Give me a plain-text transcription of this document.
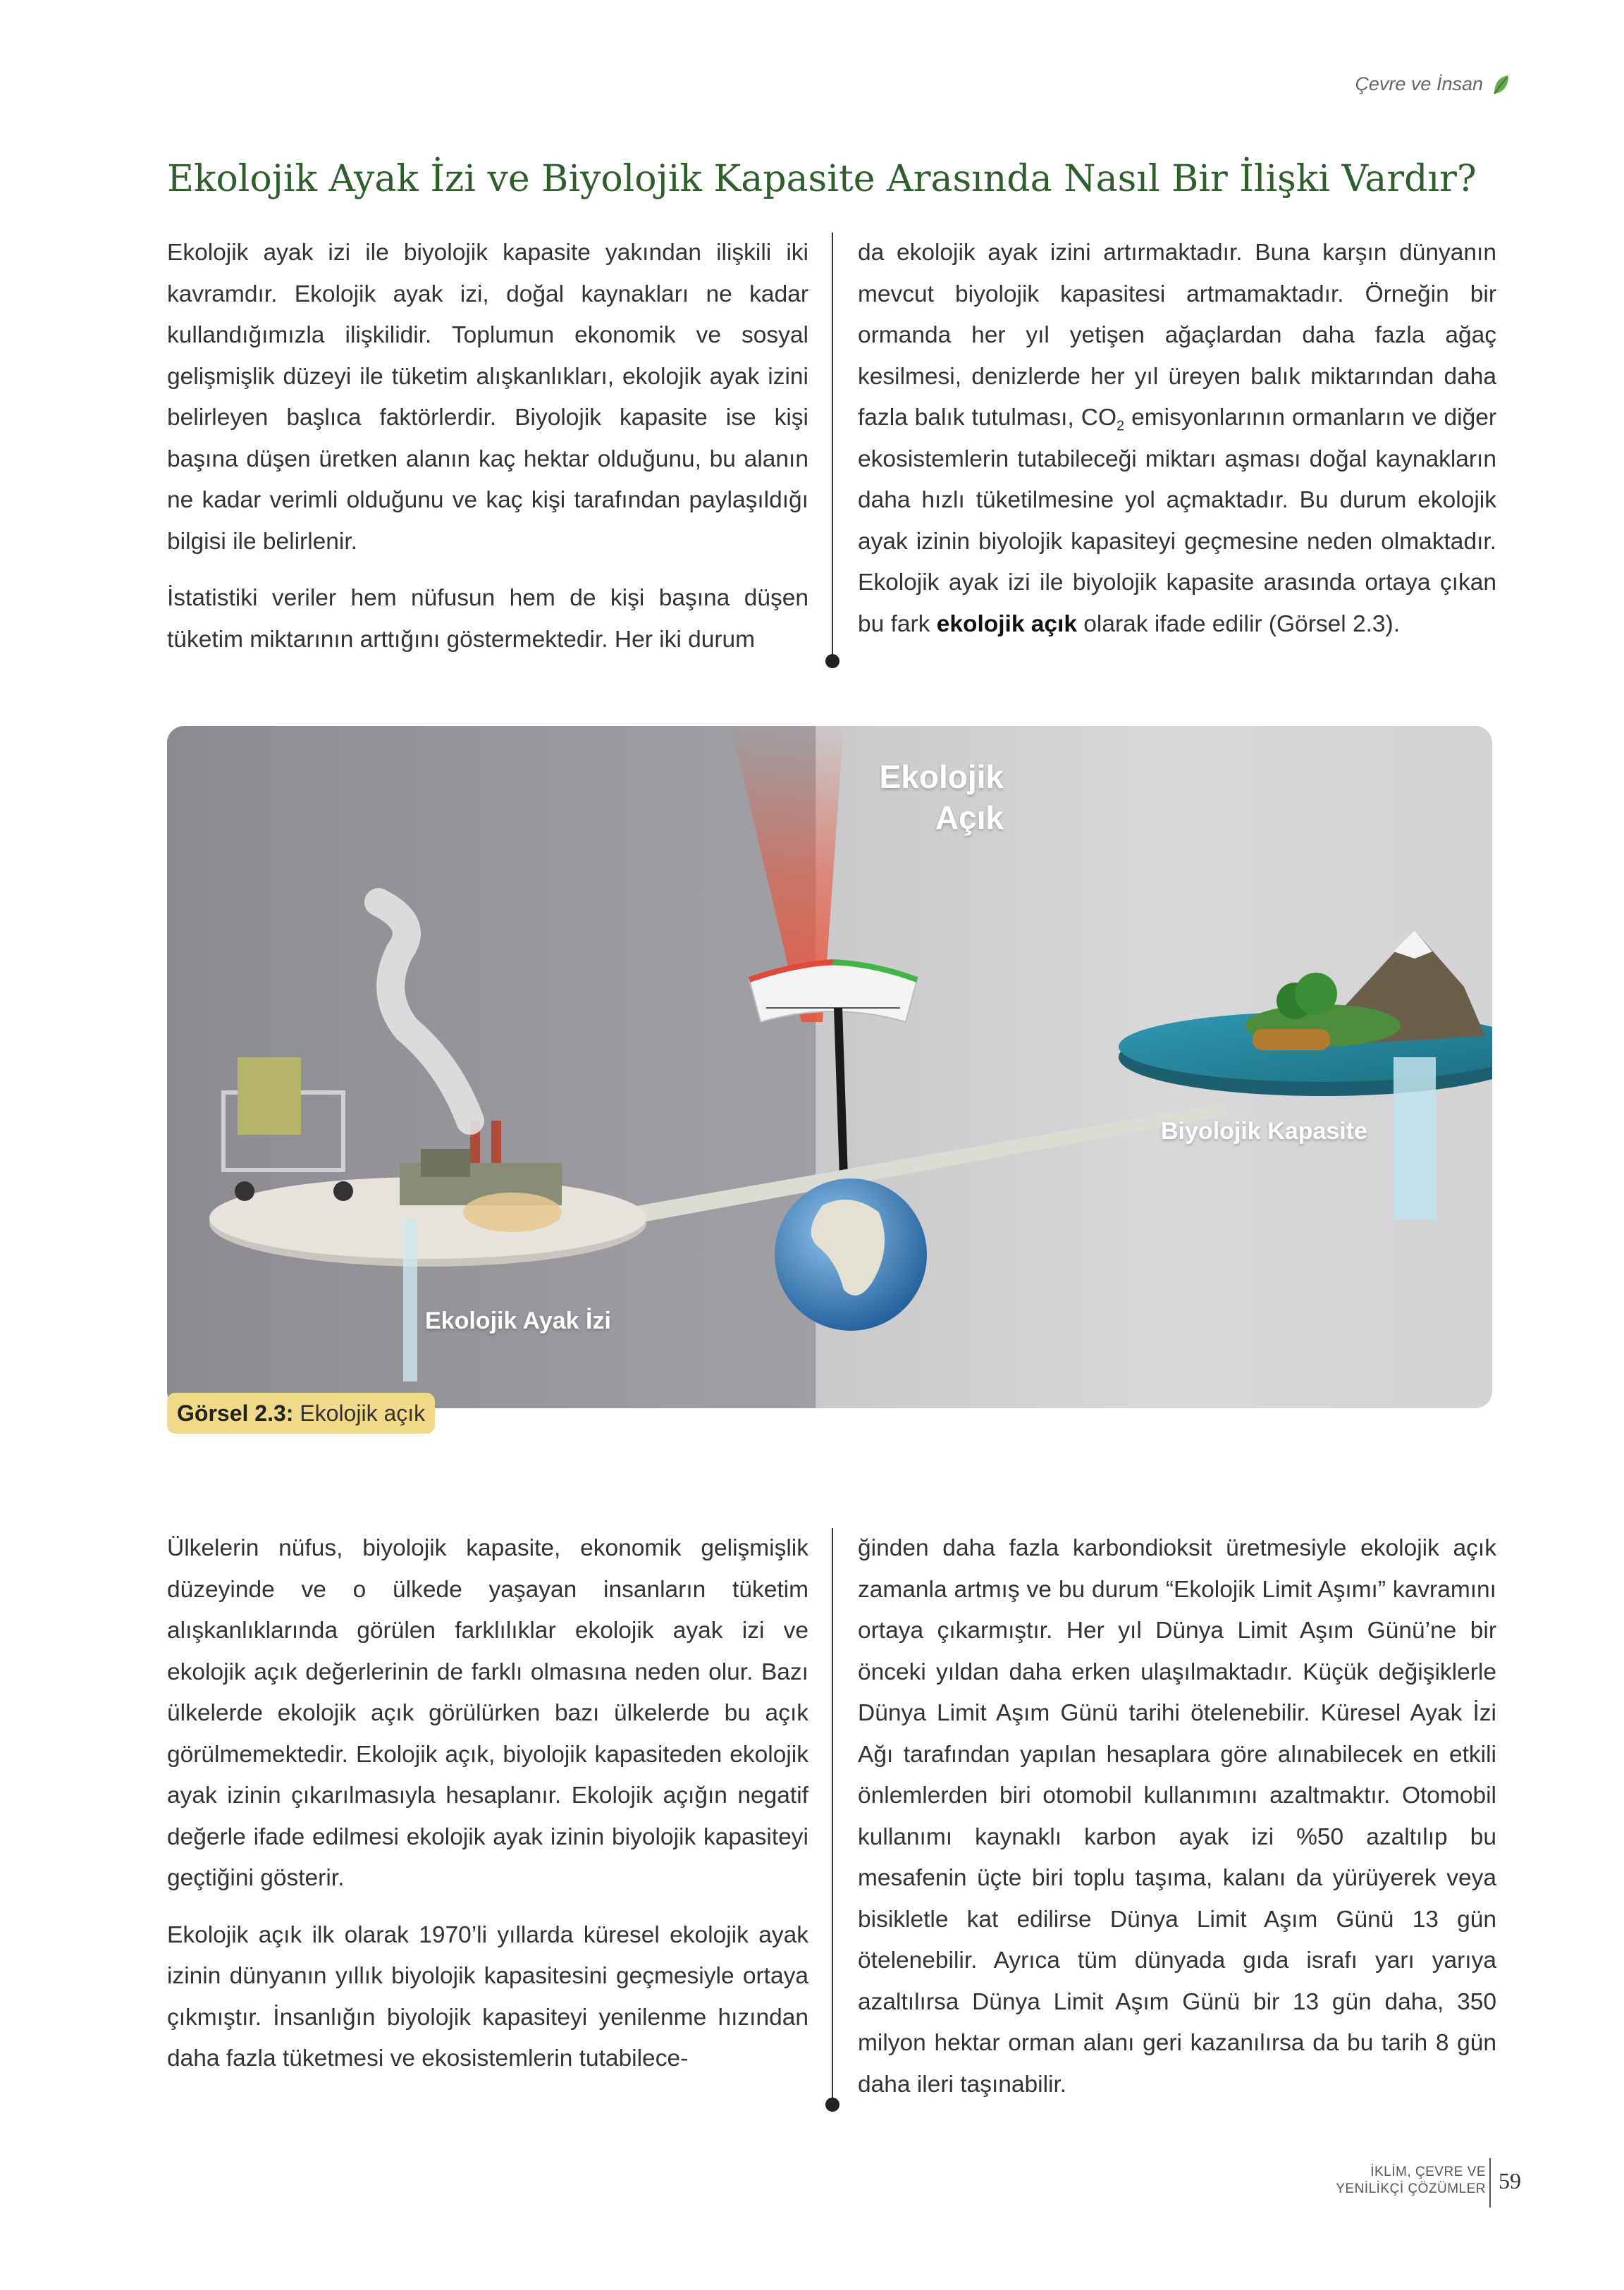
Çevre ve İnsan
Ekolojik Ayak İzi ve Biyolojik Kapasite Arasında Nasıl Bir İlişki Vardır?

Ekolojik ayak izi ile biyolojik kapasite yakından ilişkili iki kavramdır. Ekolojik ayak izi, doğal kaynakları ne kadar kullandığımızla ilişkilidir. Toplumun ekonomik ve sosyal gelişmişlik düzeyi ile tüketim alışkanlıkları, ekolojik ayak izini belirleyen başlıca faktörlerdir. Biyolojik kapasite ise kişi başına düşen üretken alanın kaç hektar olduğunu, bu alanın ne kadar verimli olduğunu ve kaç kişi tarafından paylaşıldığı bilgisi ile belirlenir.

İstatistiki veriler hem nüfusun hem de kişi başına düşen tüketim miktarının arttığını göstermektedir. Her iki durum

da ekolojik ayak izini artırmaktadır. Buna karşın dünyanın mevcut biyolojik kapasitesi artmamaktadır. Örneğin bir ormanda her yıl yetişen ağaçlardan daha fazla ağaç kesilmesi, denizlerde her yıl üreyen balık miktarından daha fazla balık tutulması, $CO_2$ emisyonlarının ormanların ve diğer ekosistemlerin tutabileceği miktarı aşması doğal kaynakların daha hızlı tüketilmesine yol açmaktadır. Bu durum ekolojik ayak izinin biyolojik kapasiteyi geçmesine neden olmaktadır. Ekolojik ayak izi ile biyolojik kapasite arasında ortaya çıkan bu fark ekolojik açık olarak ifade edilir (Görsel 2.3).

Ekolojik
Açık
Biyolojik Kapasite
Ekolojik Ayak İzi
Görsel 2.3: Ekolojik açık

Ülkelerin nüfus, biyolojik kapasite, ekonomik gelişmişlik düzeyinde ve o ülkede yaşayan insanların tüketim alışkanlıklarında görülen farklılıklar ekolojik ayak izi ve ekolojik açık değerlerinin de farklı olmasına neden olur. Bazı ülkelerde ekolojik açık görülürken bazı ülkelerde bu açık görülmemektedir. Ekolojik açık, biyolojik kapasiteden ekolojik ayak izinin çıkarılmasıyla hesaplanır. Ekolojik açığın negatif değerle ifade edilmesi ekolojik ayak izinin biyolojik kapasiteyi geçtiğini gösterir.

Ekolojik açık ilk olarak 1970’li yıllarda küresel ekolojik ayak izinin dünyanın yıllık biyolojik kapasitesini geçmesiyle ortaya çıkmıştır. İnsanlığın biyolojik kapasiteyi yenilenme hızından daha fazla tüketmesi ve ekosistemlerin tutabilece-

ğinden daha fazla karbondioksit üretmesiyle ekolojik açık zamanla artmış ve bu durum “Ekolojik Limit Aşımı” kavramını ortaya çıkarmıştır. Her yıl Dünya Limit Aşım Günü’ne bir önceki yıldan daha erken ulaşılmaktadır. Küçük değişiklerle Dünya Limit Aşım Günü tarihi ötelenebilir. Küresel Ayak İzi Ağı tarafından yapılan hesaplara göre alınabilecek en etkili önlemlerden biri otomobil kullanımını azaltmaktır. Otomobil kullanımı kaynaklı karbon ayak izi %50 azaltılıp bu mesafenin üçte biri toplu taşıma, kalanı da yürüyerek veya bisikletle kat edilirse Dünya Limit Aşım Günü 13 gün ötelenebilir. Ayrıca tüm dünyada gıda israfı yarı yarıya azaltılırsa Dünya Limit Aşım Günü bir 13 gün daha, 350 milyon hektar orman alanı geri kazanılırsa da bu tarih 8 gün daha ileri taşınabilir.

İKLİM, ÇEVRE VE
YENİLİKÇİ ÇÖZÜMLER 59
